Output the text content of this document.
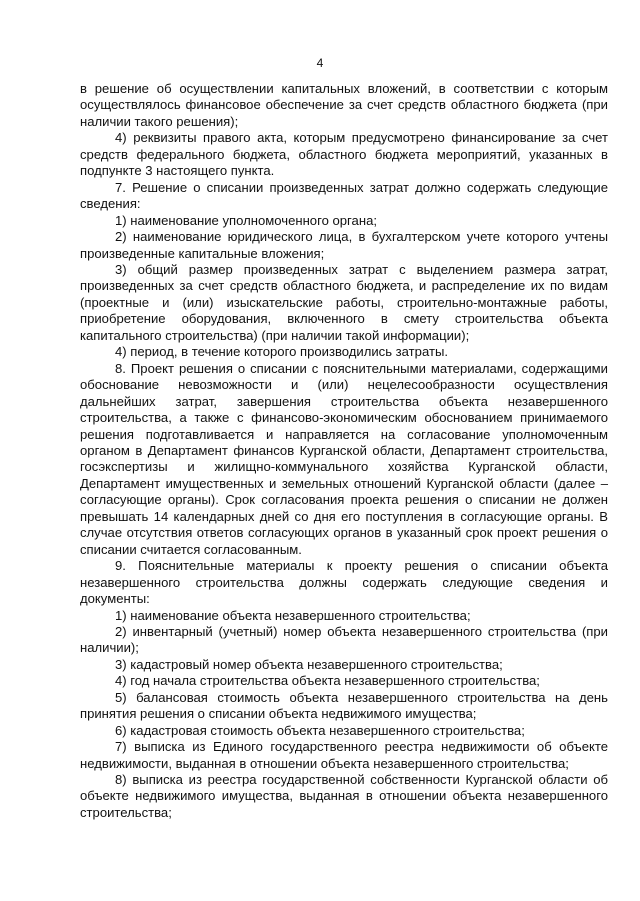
4

в решение об осуществлении капитальных вложений, в соответствии с которым осуществлялось финансовое обеспечение за счет средств областного бюджета (при наличии такого решения);

4) реквизиты правого акта, которым предусмотрено финансирование за счет средств федерального бюджета, областного бюджета мероприятий, указанных в подпункте 3 настоящего пункта.

7. Решение о списании произведенных затрат должно содержать следующие сведения:

1) наименование уполномоченного органа;

2) наименование юридического лица, в бухгалтерском учете которого учтены произведенные капитальные вложения;

3) общий размер произведенных затрат с выделением размера затрат, произведенных за счет средств областного бюджета, и распределение их по видам (проектные и (или) изыскательские работы, строительно-монтажные работы, приобретение оборудования, включенного в смету строительства объекта капитального строительства) (при наличии такой информации);

4) период, в течение которого производились затраты.

8. Проект решения о списании с пояснительными материалами, содержащими обоснование невозможности и (или) нецелесообразности осуществления дальнейших затрат, завершения строительства объекта незавершенного строительства, а также с финансово-экономическим обоснованием принимаемого решения подготавливается и направляется на согласование уполномоченным органом в Департамент финансов Курганской области, Департамент строительства, госэкспертизы и жилищно-коммунального хозяйства Курганской области, Департамент имущественных и земельных отношений Курганской области (далее – согласующие органы). Срок согласования проекта решения о списании не должен превышать 14 календарных дней со дня его поступления в согласующие органы. В случае отсутствия ответов согласующих органов в указанный срок проект решения о списании считается согласованным.

9. Пояснительные материалы к проекту решения о списании объекта незавершенного строительства должны содержать следующие сведения и документы:

1) наименование объекта незавершенного строительства;

2) инвентарный (учетный) номер объекта незавершенного строительства (при наличии);

3) кадастровый номер объекта незавершенного строительства;

4) год начала строительства объекта незавершенного строительства;

5) балансовая стоимость объекта незавершенного строительства на день принятия решения о списании объекта недвижимого имущества;

6) кадастровая стоимость объекта незавершенного строительства;

7) выписка из Единого государственного реестра недвижимости об объекте недвижимости, выданная в отношении объекта незавершенного строительства;

8) выписка из реестра государственной собственности Курганской области об объекте недвижимого имущества, выданная в отношении объекта незавершенного строительства;
